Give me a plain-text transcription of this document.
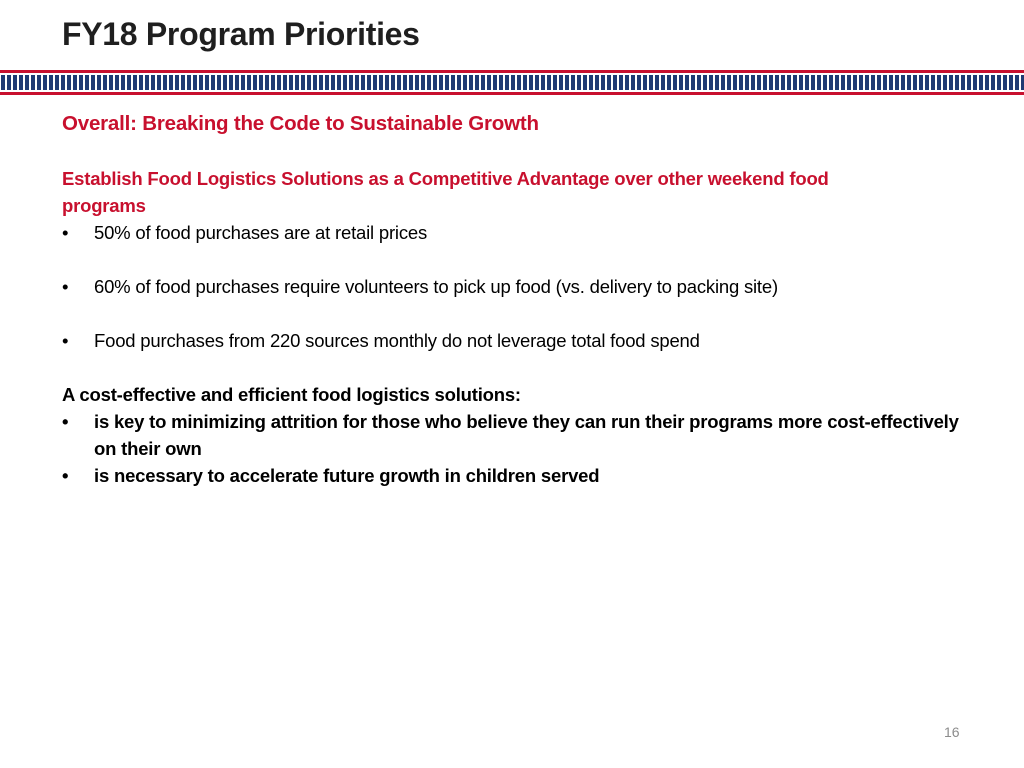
FY18 Program Priorities

Overall: Breaking the Code to Sustainable Growth

Establish Food Logistics Solutions as a Competitive Advantage over other weekend food programs

•	50% of food purchases are at retail prices

•	60% of food purchases require volunteers to pick up food (vs. delivery to packing site)

•	Food purchases from 220 sources monthly do not leverage total food spend

A cost-effective and efficient food logistics solutions:

•	is key to minimizing attrition for those who believe they can run their programs more cost-effectively on their own

•	is necessary to accelerate future growth in children served

16
